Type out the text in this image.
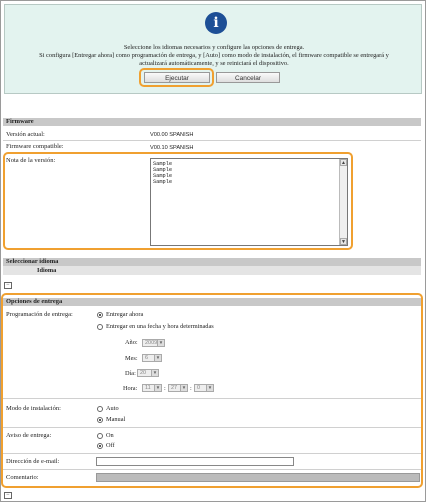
i
Seleccione los idiomas necesarios y configure las opciones de entrega.
Si configura [Entregar ahora] como programación de entrega, y [Auto] como modo de instalación, el firmware compatible se entregará y
actualizará automáticamente, y se reiniciará el dispositivo.
Ejecutar	Cancelar
Firmware
Versión actual:	V00.00 SPANISH
Firmware compatible:	V00.10 SPANISH
Nota de la versión:	Sample
Sample
Sample
Sample
▲
▼
Seleccionar idioma
Idioma
−
Opciones de entrega
Programación de entrega:	Entregar ahora
Entregar en una fecha y hora determinadas
Año:	2009 ▼
Mes:	6	▼
Día: 20	▼
Hora:	11	▼ : 27	▼ : 0	▼
Modo de instalación:	Auto
Manual
Aviso de entrega:	On
Off
Dirección de e-mail:
Comentario:
−
